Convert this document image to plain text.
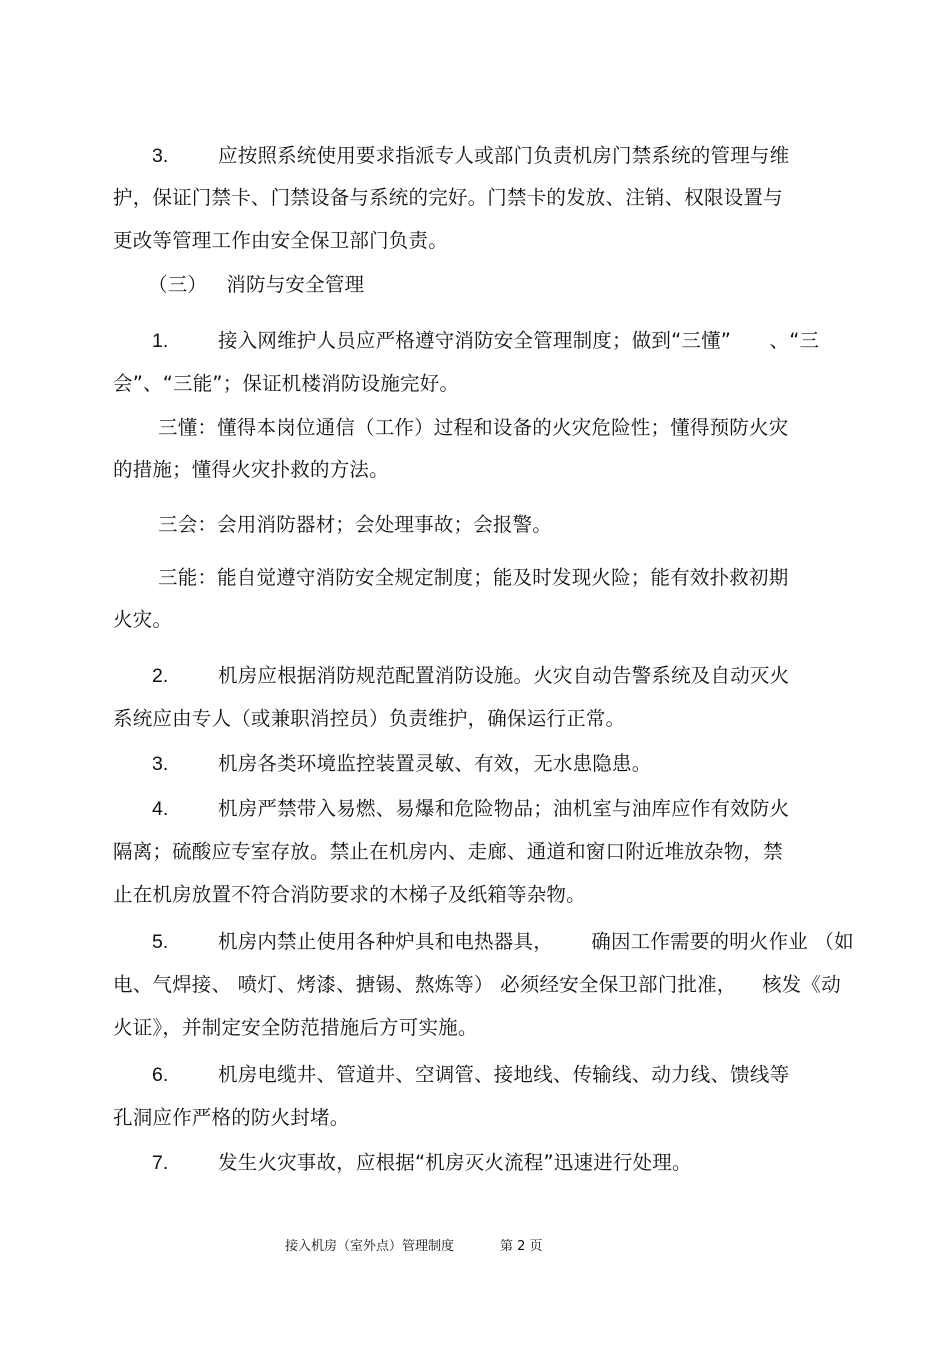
3.	应按照系统使用要求指派专人或部门负责机房门禁系统的管理与维
护，保证门禁卡、门禁设备与系统的完好。门禁卡的发放、注销、权限设置与
更改等管理工作由安全保卫部门负责。
（三）   消防与安全管理
1.	接入网维护人员应严格遵守消防安全管理制度；做到“三懂”      、“三
会”、“三能”；保证机楼消防设施完好。
三懂：懂得本岗位通信（工作）过程和设备的火灾危险性；懂得预防火灾
的措施；懂得火灾扑救的方法。
三会：会用消防器材；会处理事故；会报警。
三能：能自觉遵守消防安全规定制度；能及时发现火险；能有效扑救初期
火灾。
2.	机房应根据消防规范配置消防设施。火灾自动告警系统及自动灭火
系统应由专人（或兼职消控员）负责维护，确保运行正常。
3.	机房各类环境监控装置灵敏、有效，无水患隐患。
4.	机房严禁带入易燃、易爆和危险物品；油机室与油库应作有效防火
隔离；硫酸应专室存放。禁止在机房内、走廊、通道和窗口附近堆放杂物，禁
止在机房放置不符合消防要求的木梯子及纸箱等杂物。
5.	机房内禁止使用各种炉具和电热器具，      确因工作需要的明火作业 （如
电、气焊接、 喷灯、烤漆、搪锡、熬炼等） 必须经安全保卫部门批准，    核发《动
火证》，并制定安全防范措施后方可实施。
6.	机房电缆井、管道井、空调管、接地线、传输线、动力线、馈线等
孔洞应作严格的防火封堵。
7.	发生火灾事故，应根据“机房灭火流程”迅速进行处理。
接入机房（室外点）管理制度	第 2 页
